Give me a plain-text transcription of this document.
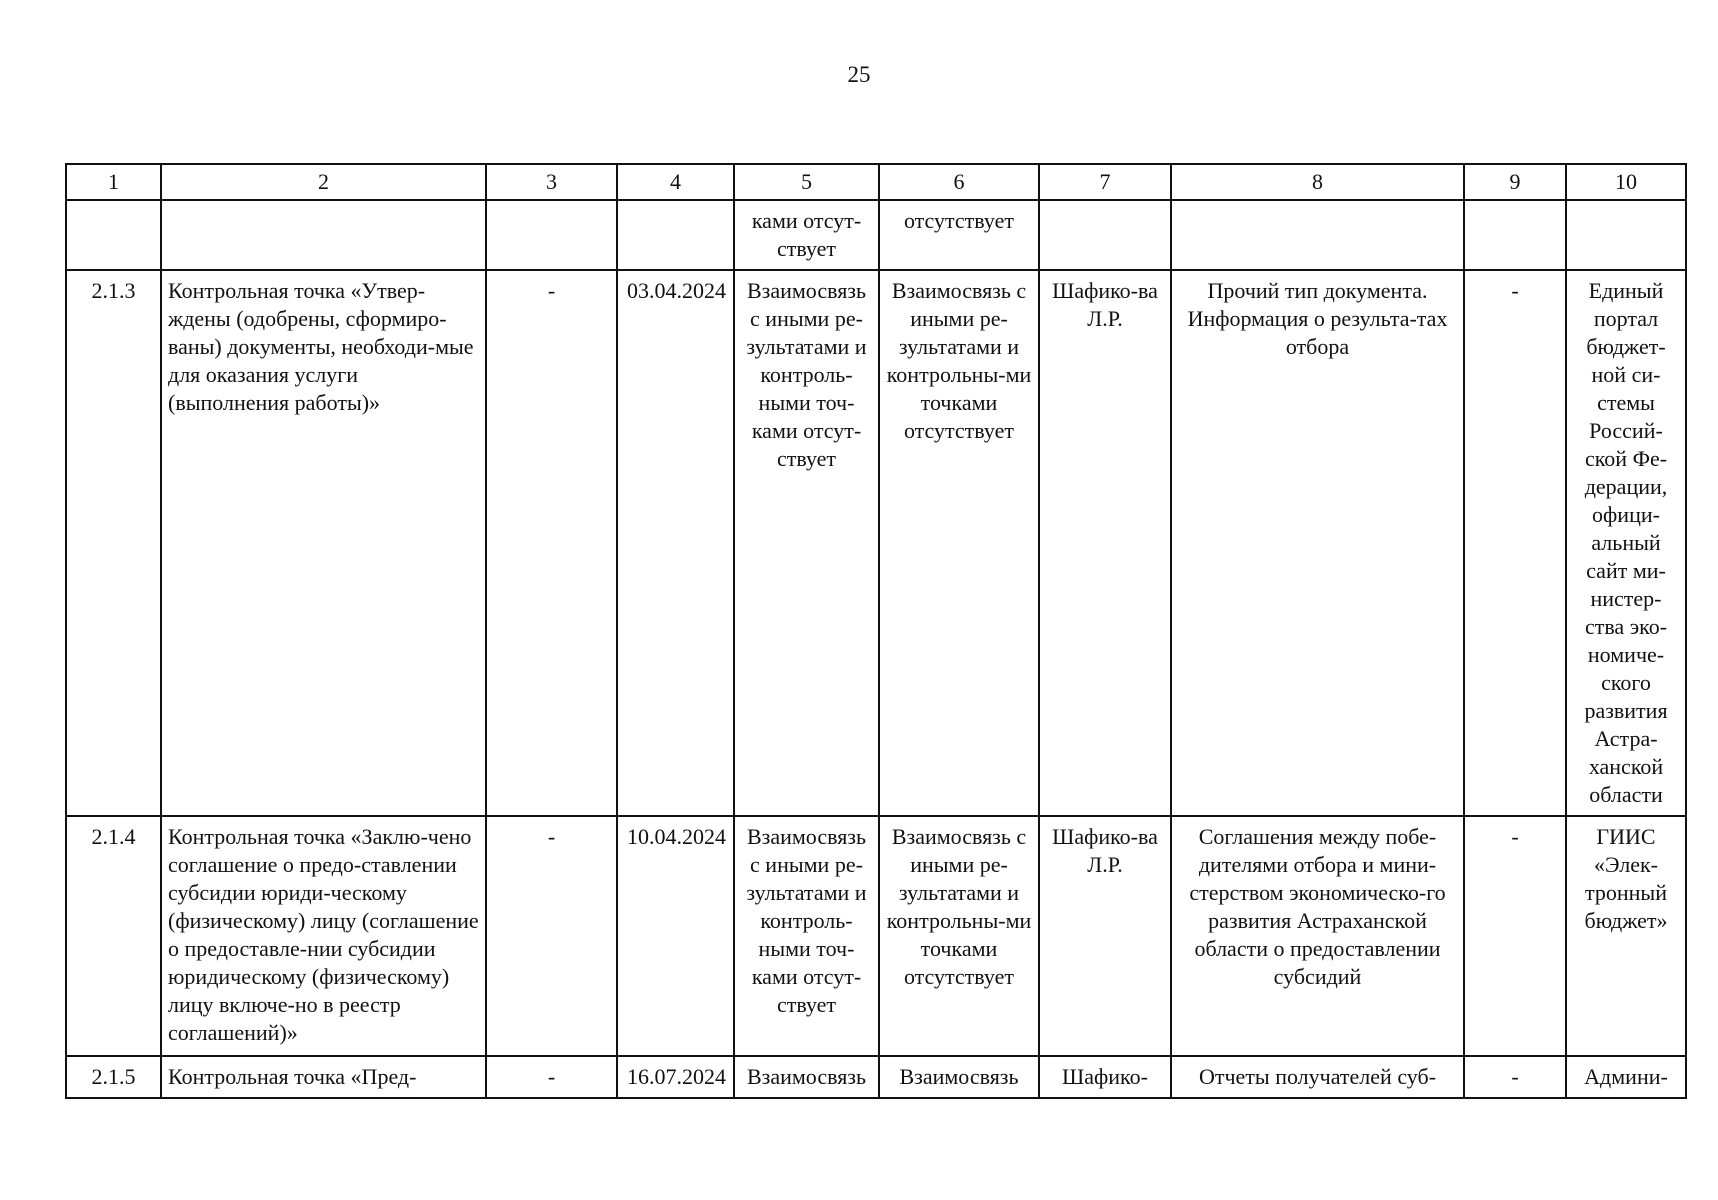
25
1	2	3	4	5	6	7	8	9	10
				ками отсут-ствует	отсутствует				
2.1.3	Контрольная точка «Утвер-ждены (одобрены, сформиро-ваны) документы, необходи-мые для оказания услуги (выполнения работы)»	-	03.04.2024	Взаимосвязь с иными ре-зультатами и контроль-ными точ-ками отсут-ствует	Взаимосвязь с иными ре-зультатами и контрольны-ми точками отсутствует	Шафико-ва Л.Р.	Прочий тип документа. Информация о результа-тах отбора	-	Единый портал бюджет-ной си-стемы Россий-ской Фе-дерации, офици-альный сайт ми-нистер-ства эко-номиче-ского развития Астра-ханской области
2.1.4	Контрольная точка «Заклю-чено соглашение о предо-ставлении субсидии юриди-ческому (физическому) лицу (соглашение о предоставле-нии субсидии юридическому (физическому) лицу включе-но в реестр соглашений)»	-	10.04.2024	Взаимосвязь с иными ре-зультатами и контроль-ными точ-ками отсут-ствует	Взаимосвязь с иными ре-зультатами и контрольны-ми точками отсутствует	Шафико-ва Л.Р.	Соглашения между побе-дителями отбора и мини-стерством экономическо-го развития Астраханской области о предоставлении субсидий	-	ГИИС «Элек-тронный бюджет»
2.1.5	Контрольная точка «Пред-	-	16.07.2024	Взаимосвязь	Взаимосвязь	Шафико-	Отчеты получателей суб-	-	Админи-
